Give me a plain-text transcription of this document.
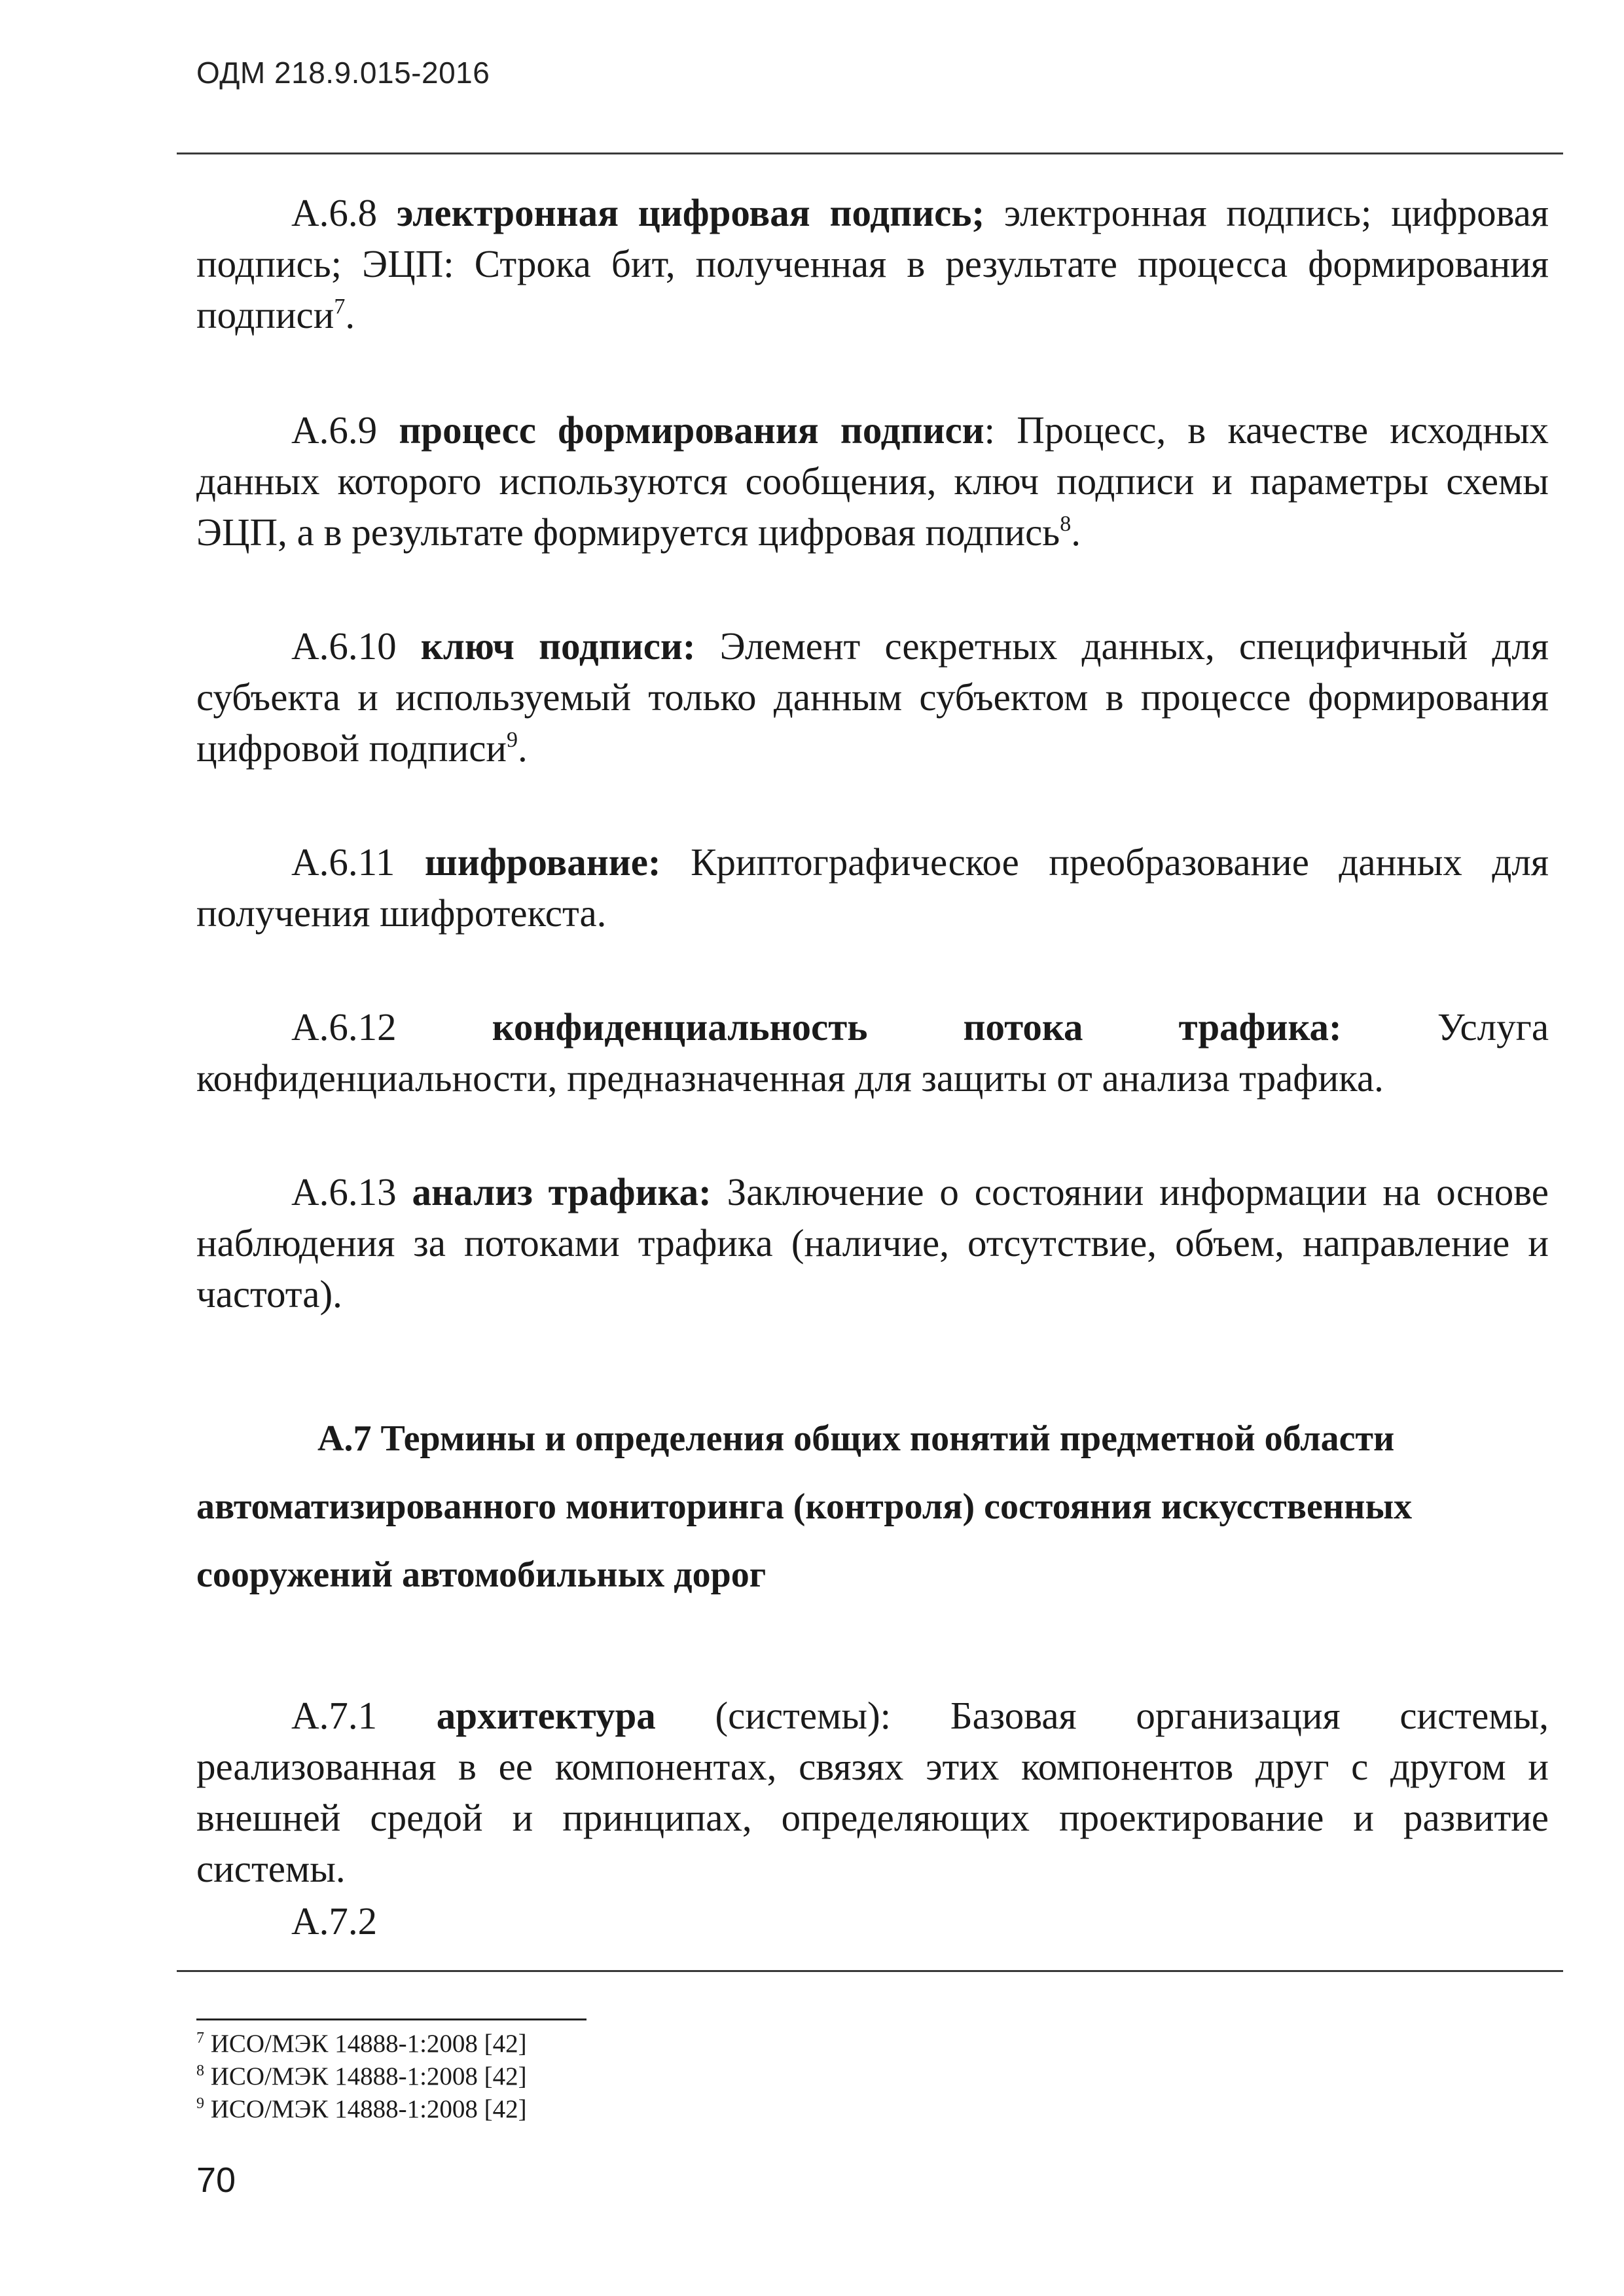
ОДМ 218.9.015-2016
А.6.8 электронная цифровая подпись; электронная подпись; цифровая подпись; ЭЦП: Строка бит, полученная в результате процесса формирования подписи$^7$.
А.6.9 процесс формирования подписи: Процесс, в качестве исходных данных которого используются сообщения, ключ подписи и параметры схемы ЭЦП, а в результате формируется цифровая подпись$^8$.
А.6.10 ключ подписи: Элемент секретных данных, специфичный для субъекта и используемый только данным субъектом в процессе формирования цифровой подписи$^9$.
А.6.11 шифрование: Криптографическое преобразование данных для получения шифротекста.
А.6.12 конфиденциальность потока трафика: Услуга
конфиденциальности, предназначенная для защиты от анализа трафика.
А.6.13 анализ трафика: Заключение о состоянии информации на основе наблюдения за потоками трафика (наличие, отсутствие, объем, направление и частота).
А.7 Термины и определения общих понятий предметной области
автоматизированного мониторинга (контроля) состояния искусственных
сооружений автомобильных дорог
А.7.1 архитектура (системы): Базовая организация системы, реализованная в ее компонентах, связях этих компонентов друг с другом и внешней средой и принципах, определяющих проектирование и развитие системы.
А.7.2
$^7$ ИСО/МЭК 14888-1:2008 [42]
$^8$ ИСО/МЭК 14888-1:2008 [42]
$^9$ ИСО/МЭК 14888-1:2008 [42]
70
